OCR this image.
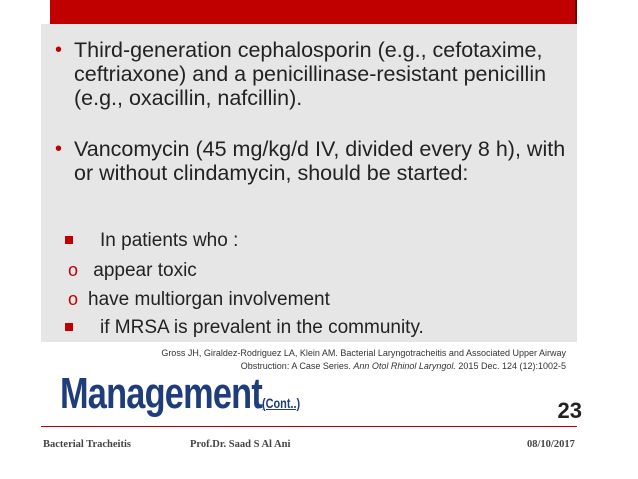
• Third-generation cephalosporin (e.g., cefotaxime, ceftriaxone) and a penicillinase-resistant penicillin (e.g., oxacillin, nafcillin).
• Vancomycin (45 mg/kg/d IV, divided every 8 h), with or without clindamycin, should be started:
In patients who :
o appear toxic
o have multiorgan involvement
if MRSA is prevalent in the community.
Gross JH, Giraldez-Rodriguez LA, Klein AM. Bacterial Laryngotracheitis and Associated Upper Airway
Obstruction: A Case Series. Ann Otol Rhinol Laryngol. 2015 Dec. 124 (12):1002-5
Management(Cont..)	23
Bacterial Tracheitis	Prof.Dr. Saad S Al Ani	08/10/2017
